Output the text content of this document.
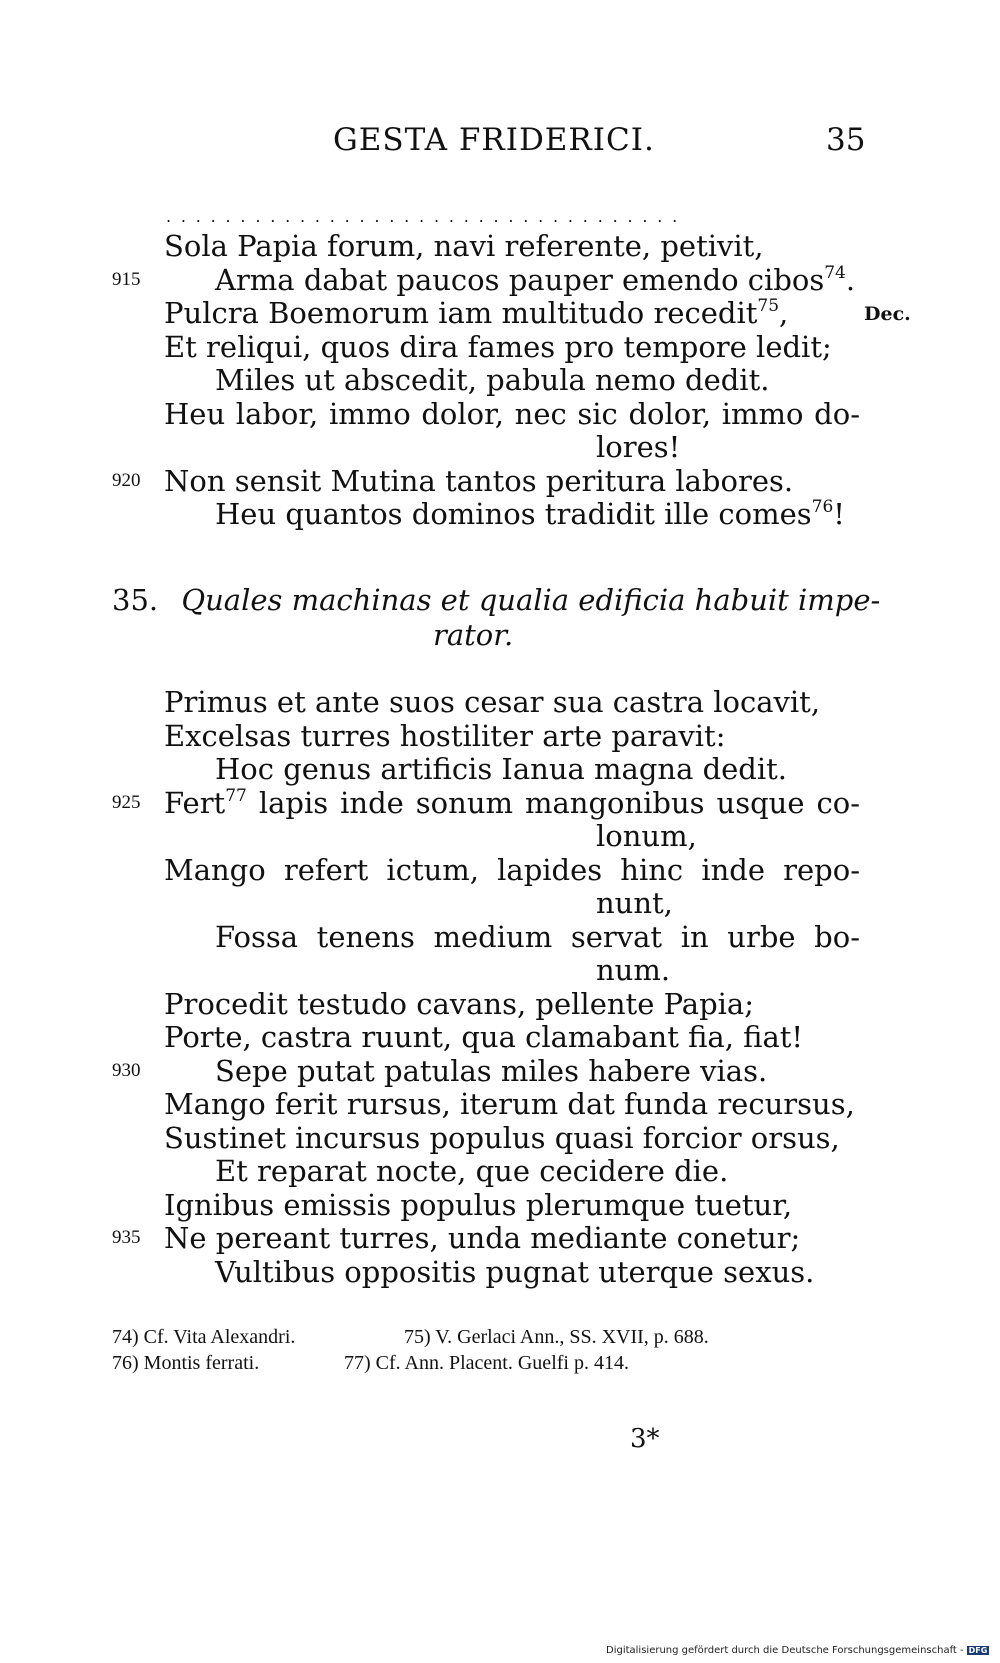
GESTA FRIDERICI.	35
...................................
Sola Papia forum, navi referente, petivit,
915	Arma dabat paucos pauper emendo cibos$^{74}$.
Pulcra Boemorum iam multitudo recedit$^{75}$,
Et reliqui, quos dira fames pro tempore ledit;
Miles ut abscedit, pabula nemo dedit.
Heu labor, immo dolor, nec sic dolor, immo do-
lores!
920 Non sensit Mutina tantos peritura labores.
Heu quantos dominos tradidit ille comes$^{76}$!
Dec.
35. Quales machinas et qualia edificia habuit impe-
rator.
Primus et ante suos cesar sua castra locavit,
Excelsas turres hostiliter arte paravit:
Hoc genus artificis Ianua magna dedit.
925 Fert$^{77}$ lapis inde sonum mangonibus usque co-
lonum,
Mango refert ictum, lapides hinc inde repo-
nunt,
Fossa tenens medium servat in urbe bo-
num.
Procedit testudo cavans, pellente Papia;
Porte, castra ruunt, qua clamabant fia, fiat!
930	Sepe putat patulas miles habere vias.
Mango ferit rursus, iterum dat funda recursus,
Sustinet incursus populus quasi forcior orsus,
Et reparat nocte, que cecidere die.
Ignibus emissis populus plerumque tuetur,
935 Ne pereant turres, unda mediante conetur;
Vultibus oppositis pugnat uterque sexus.
74) Cf. Vita Alexandri.	75) V. Gerlaci Ann., SS. XVII, p. 688.
76) Montis ferrati.	77) Cf. Ann. Placent. Guelfi p. 414.
3*
Digitalisierung gefördert durch die Deutsche Forschungsgemeinschaft - DFG
